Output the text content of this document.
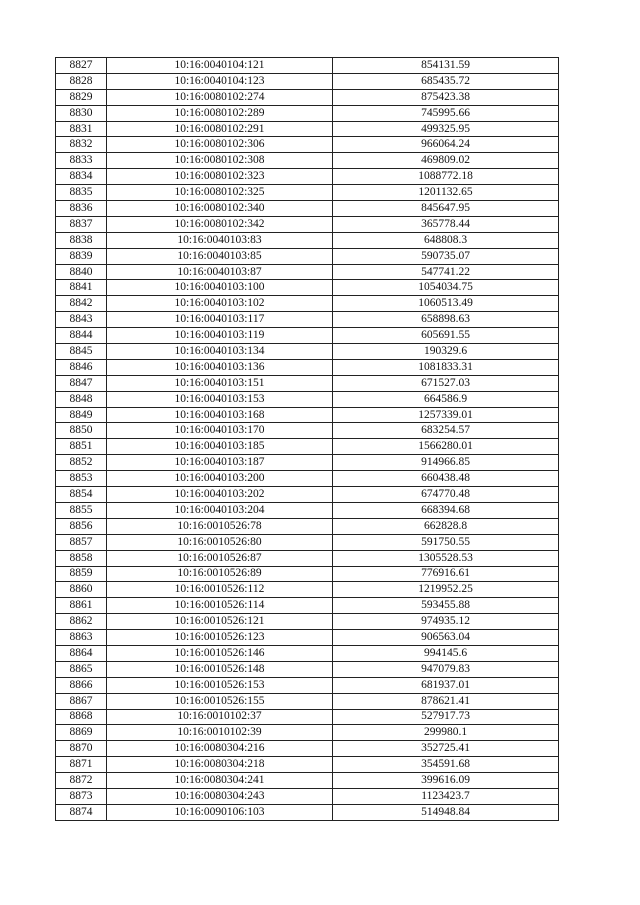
8827	10:16:0040104:121	854131.59
8828	10:16:0040104:123	685435.72
8829	10:16:0080102:274	875423.38
8830	10:16:0080102:289	745995.66
8831	10:16:0080102:291	499325.95
8832	10:16:0080102:306	966064.24
8833	10:16:0080102:308	469809.02
8834	10:16:0080102:323	1088772.18
8835	10:16:0080102:325	1201132.65
8836	10:16:0080102:340	845647.95
8837	10:16:0080102:342	365778.44
8838	10:16:0040103:83	648808.3
8839	10:16:0040103:85	590735.07
8840	10:16:0040103:87	547741.22
8841	10:16:0040103:100	1054034.75
8842	10:16:0040103:102	1060513.49
8843	10:16:0040103:117	658898.63
8844	10:16:0040103:119	605691.55
8845	10:16:0040103:134	190329.6
8846	10:16:0040103:136	1081833.31
8847	10:16:0040103:151	671527.03
8848	10:16:0040103:153	664586.9
8849	10:16:0040103:168	1257339.01
8850	10:16:0040103:170	683254.57
8851	10:16:0040103:185	1566280.01
8852	10:16:0040103:187	914966.85
8853	10:16:0040103:200	660438.48
8854	10:16:0040103:202	674770.48
8855	10:16:0040103:204	668394.68
8856	10:16:0010526:78	662828.8
8857	10:16:0010526:80	591750.55
8858	10:16:0010526:87	1305528.53
8859	10:16:0010526:89	776916.61
8860	10:16:0010526:112	1219952.25
8861	10:16:0010526:114	593455.88
8862	10:16:0010526:121	974935.12
8863	10:16:0010526:123	906563.04
8864	10:16:0010526:146	994145.6
8865	10:16:0010526:148	947079.83
8866	10:16:0010526:153	681937.01
8867	10:16:0010526:155	878621.41
8868	10:16:0010102:37	527917.73
8869	10:16:0010102:39	299980.1
8870	10:16:0080304:216	352725.41
8871	10:16:0080304:218	354591.68
8872	10:16:0080304:241	399616.09
8873	10:16:0080304:243	1123423.7
8874	10:16:0090106:103	514948.84
